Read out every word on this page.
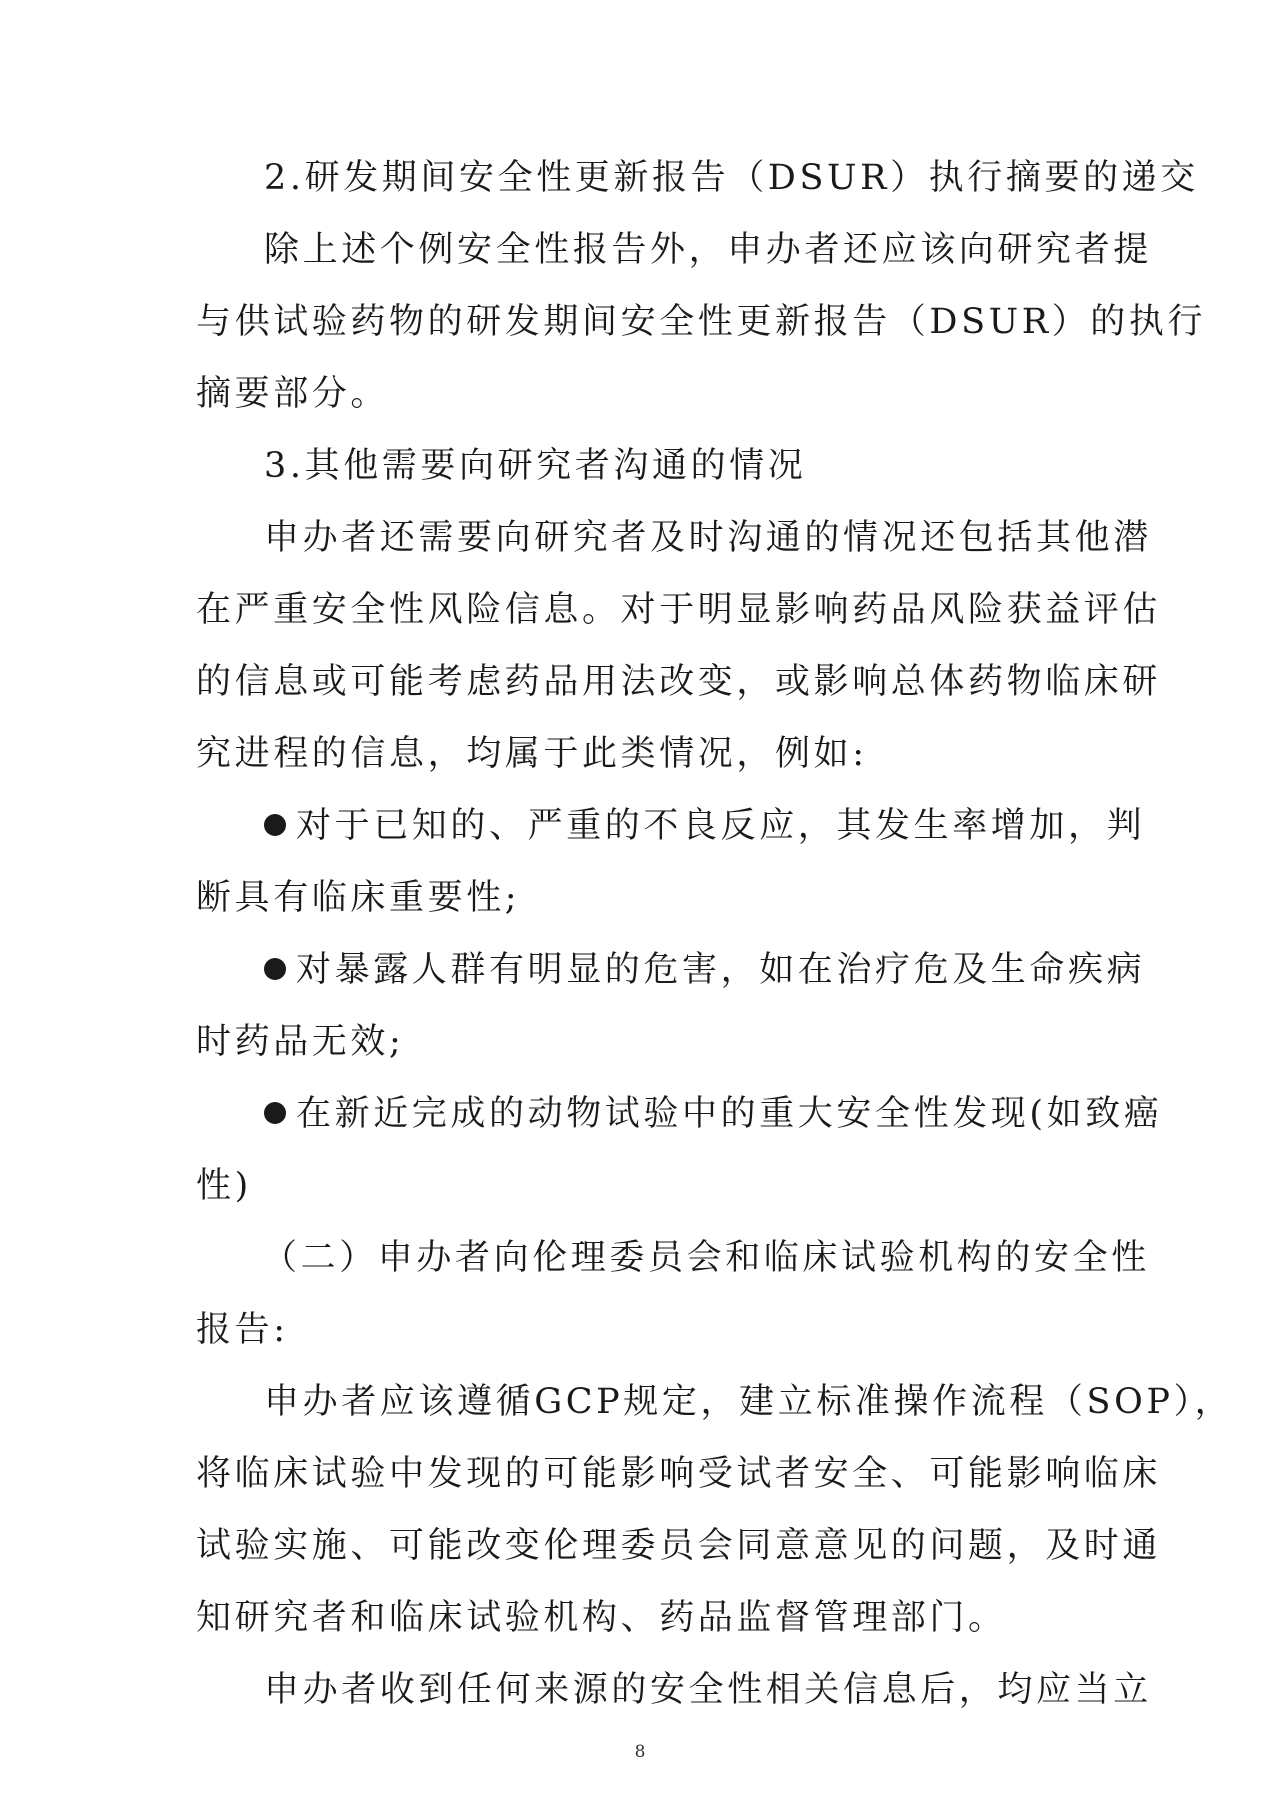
2.研发期间安全性更新报告（DSUR）执行摘要的递交
除上述个例安全性报告外，申办者还应该向研究者提
与供试验药物的研发期间安全性更新报告（DSUR）的执行
摘要部分。
3.其他需要向研究者沟通的情况
申办者还需要向研究者及时沟通的情况还包括其他潜
在严重安全性风险信息。对于明显影响药品风险获益评估
的信息或可能考虑药品用法改变，或影响总体药物临床研
究进程的信息，均属于此类情况，例如:
对于已知的、严重的不良反应，其发生率增加，判
断具有临床重要性;
对暴露人群有明显的危害，如在治疗危及生命疾病
时药品无效;
在新近完成的动物试验中的重大安全性发现(如致癌
性)
（二）申办者向伦理委员会和临床试验机构的安全性
报告:
申办者应该遵循GCP规定，建立标准操作流程（SOP），
将临床试验中发现的可能影响受试者安全、可能影响临床
试验实施、可能改变伦理委员会同意意见的问题，及时通
知研究者和临床试验机构、药品监督管理部门。
申办者收到任何来源的安全性相关信息后，均应当立
8
